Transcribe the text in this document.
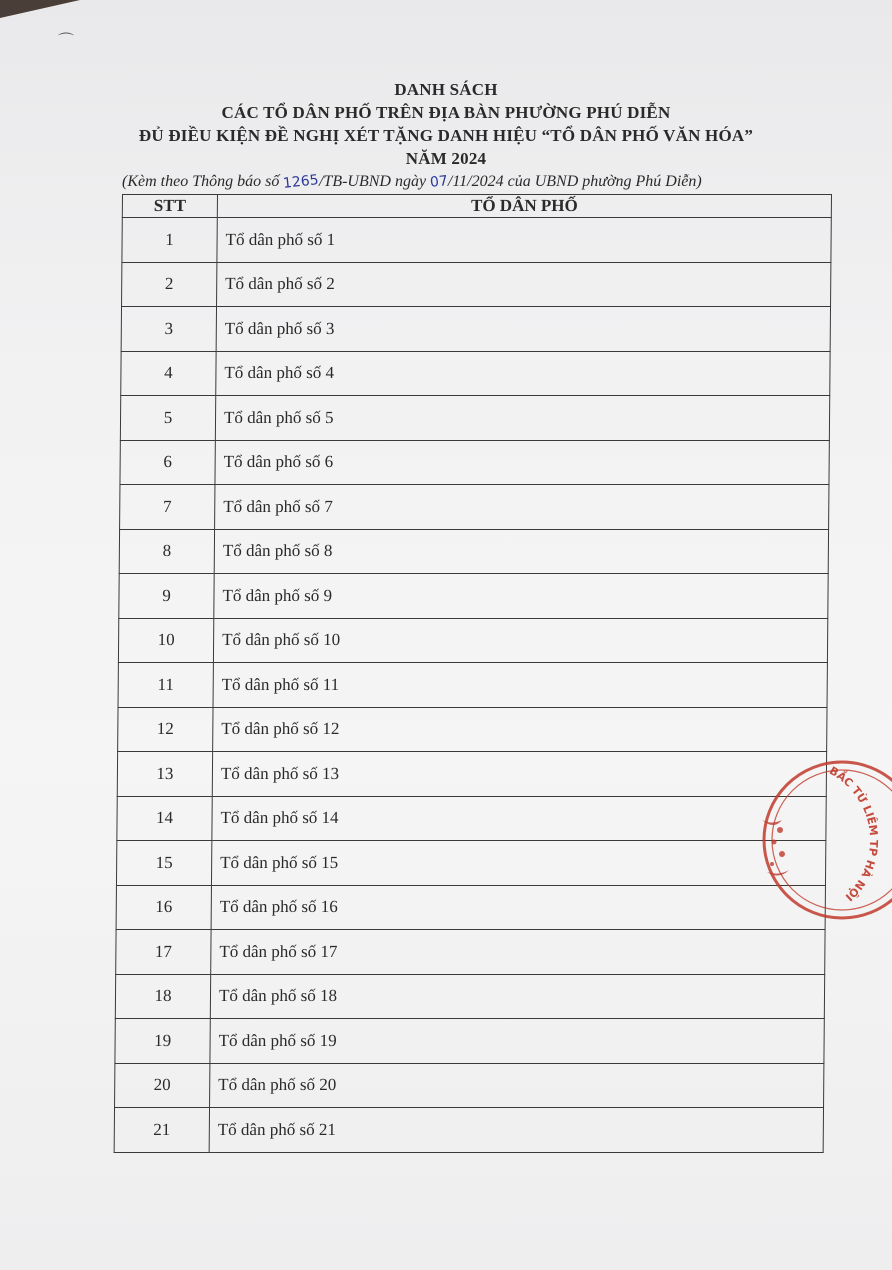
⌒
DANH SÁCH
CÁC TỔ DÂN PHỐ TRÊN ĐỊA BÀN PHƯỜNG PHÚ DIỄN
ĐỦ ĐIỀU KIỆN ĐỀ NGHỊ XÉT TẶNG DANH HIỆU “TỔ DÂN PHỐ VĂN HÓA”
NĂM 2024
(Kèm theo Thông báo số 1265/TB-UBND ngày 07/11/2024 của UBND phường Phú Diễn)
STT	TỔ DÂN PHỐ
1	Tổ dân phố số 1
2	Tổ dân phố số 2
3	Tổ dân phố số 3
4	Tổ dân phố số 4
5	Tổ dân phố số 5
6	Tổ dân phố số 6
7	Tổ dân phố số 7
8	Tổ dân phố số 8
9	Tổ dân phố số 9
10	Tổ dân phố số 10
11	Tổ dân phố số 11
12	Tổ dân phố số 12
13	Tổ dân phố số 13
14	Tổ dân phố số 14
15	Tổ dân phố số 15
16	Tổ dân phố số 16
17	Tổ dân phố số 17
18	Tổ dân phố số 18
19	Tổ dân phố số 19
20	Tổ dân phố số 20
21	Tổ dân phố số 21
BẮC TỪ LIÊM TP HÀ NỘI
